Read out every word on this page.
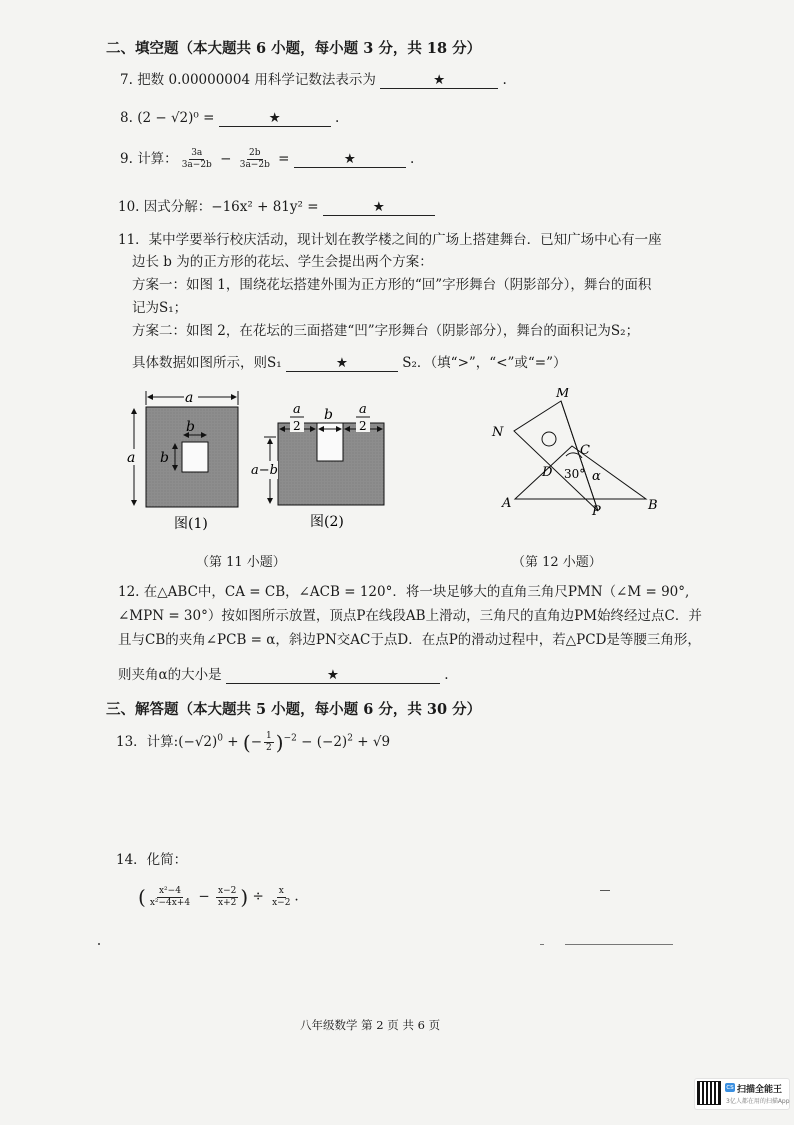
二、填空题（本大题共 6 小题，每小题 3 分，共 18 分）
7. 把数 0.00000004 用科学记数法表示为	★	.
8. (2 − √2)⁰ =	★	.
9. 计算： $\frac{3a}{3a-2b} - \frac{2b}{3a-2b}$ =	★	.
10. 因式分解：−16x² + 81y² =	★
11．某中学要举行校庆活动，现计划在教学楼之间的广场上搭建舞台．已知广场中心有一座
边长 b 为的正方形的花坛、学生会提出两个方案：
方案一：如图 1，围绕花坛搭建外围为正方形的“回”字形舞台（阴影部分），舞台的面积
记为S₁；
方案二：如图 2，在花坛的三面搭建“凹”字形舞台（阴影部分），舞台的面积记为S₂；
具体数据如图所示，则S₁	★	S₂．（填“>”，“<”或“=”）
a
a
b
b
图(1)
a
2
b a
2
a−b
图(2)
M
N
C
D 30° α
A	B
P
（第 11 小题）	（第 12 小题）
12. 在△ABC中，CA = CB，∠ACB = 120°．将一块足够大的直角三角尺PMN（∠M = 90°,
∠MPN = 30°）按如图所示放置，顶点P在线段AB上滑动，三角尺的直角边PM始终经过点C．并
且与CB的夹角∠PCB = α，斜边PN交AC于点D．在点P的滑动过程中，若△PCD是等腰三角形，
则夹角α的大小是	★	.
三、解答题（本大题共 5 小题，每小题 6 分，共 30 分）
13．计算$:(-√2)^0$ + (− $\frac{1}{2} )^{-2} - (-2)^2 + √9$
14．化简：
( $\frac{\text{x²−4}}{\text{x²−4x+4}} - \frac{x-2}{x+2}$ ) ÷ $\frac{x}{x-2}$ .
八年级数学 第 2 页 共 6 页
cs 扫描全能王
3亿人都在用的扫描App
